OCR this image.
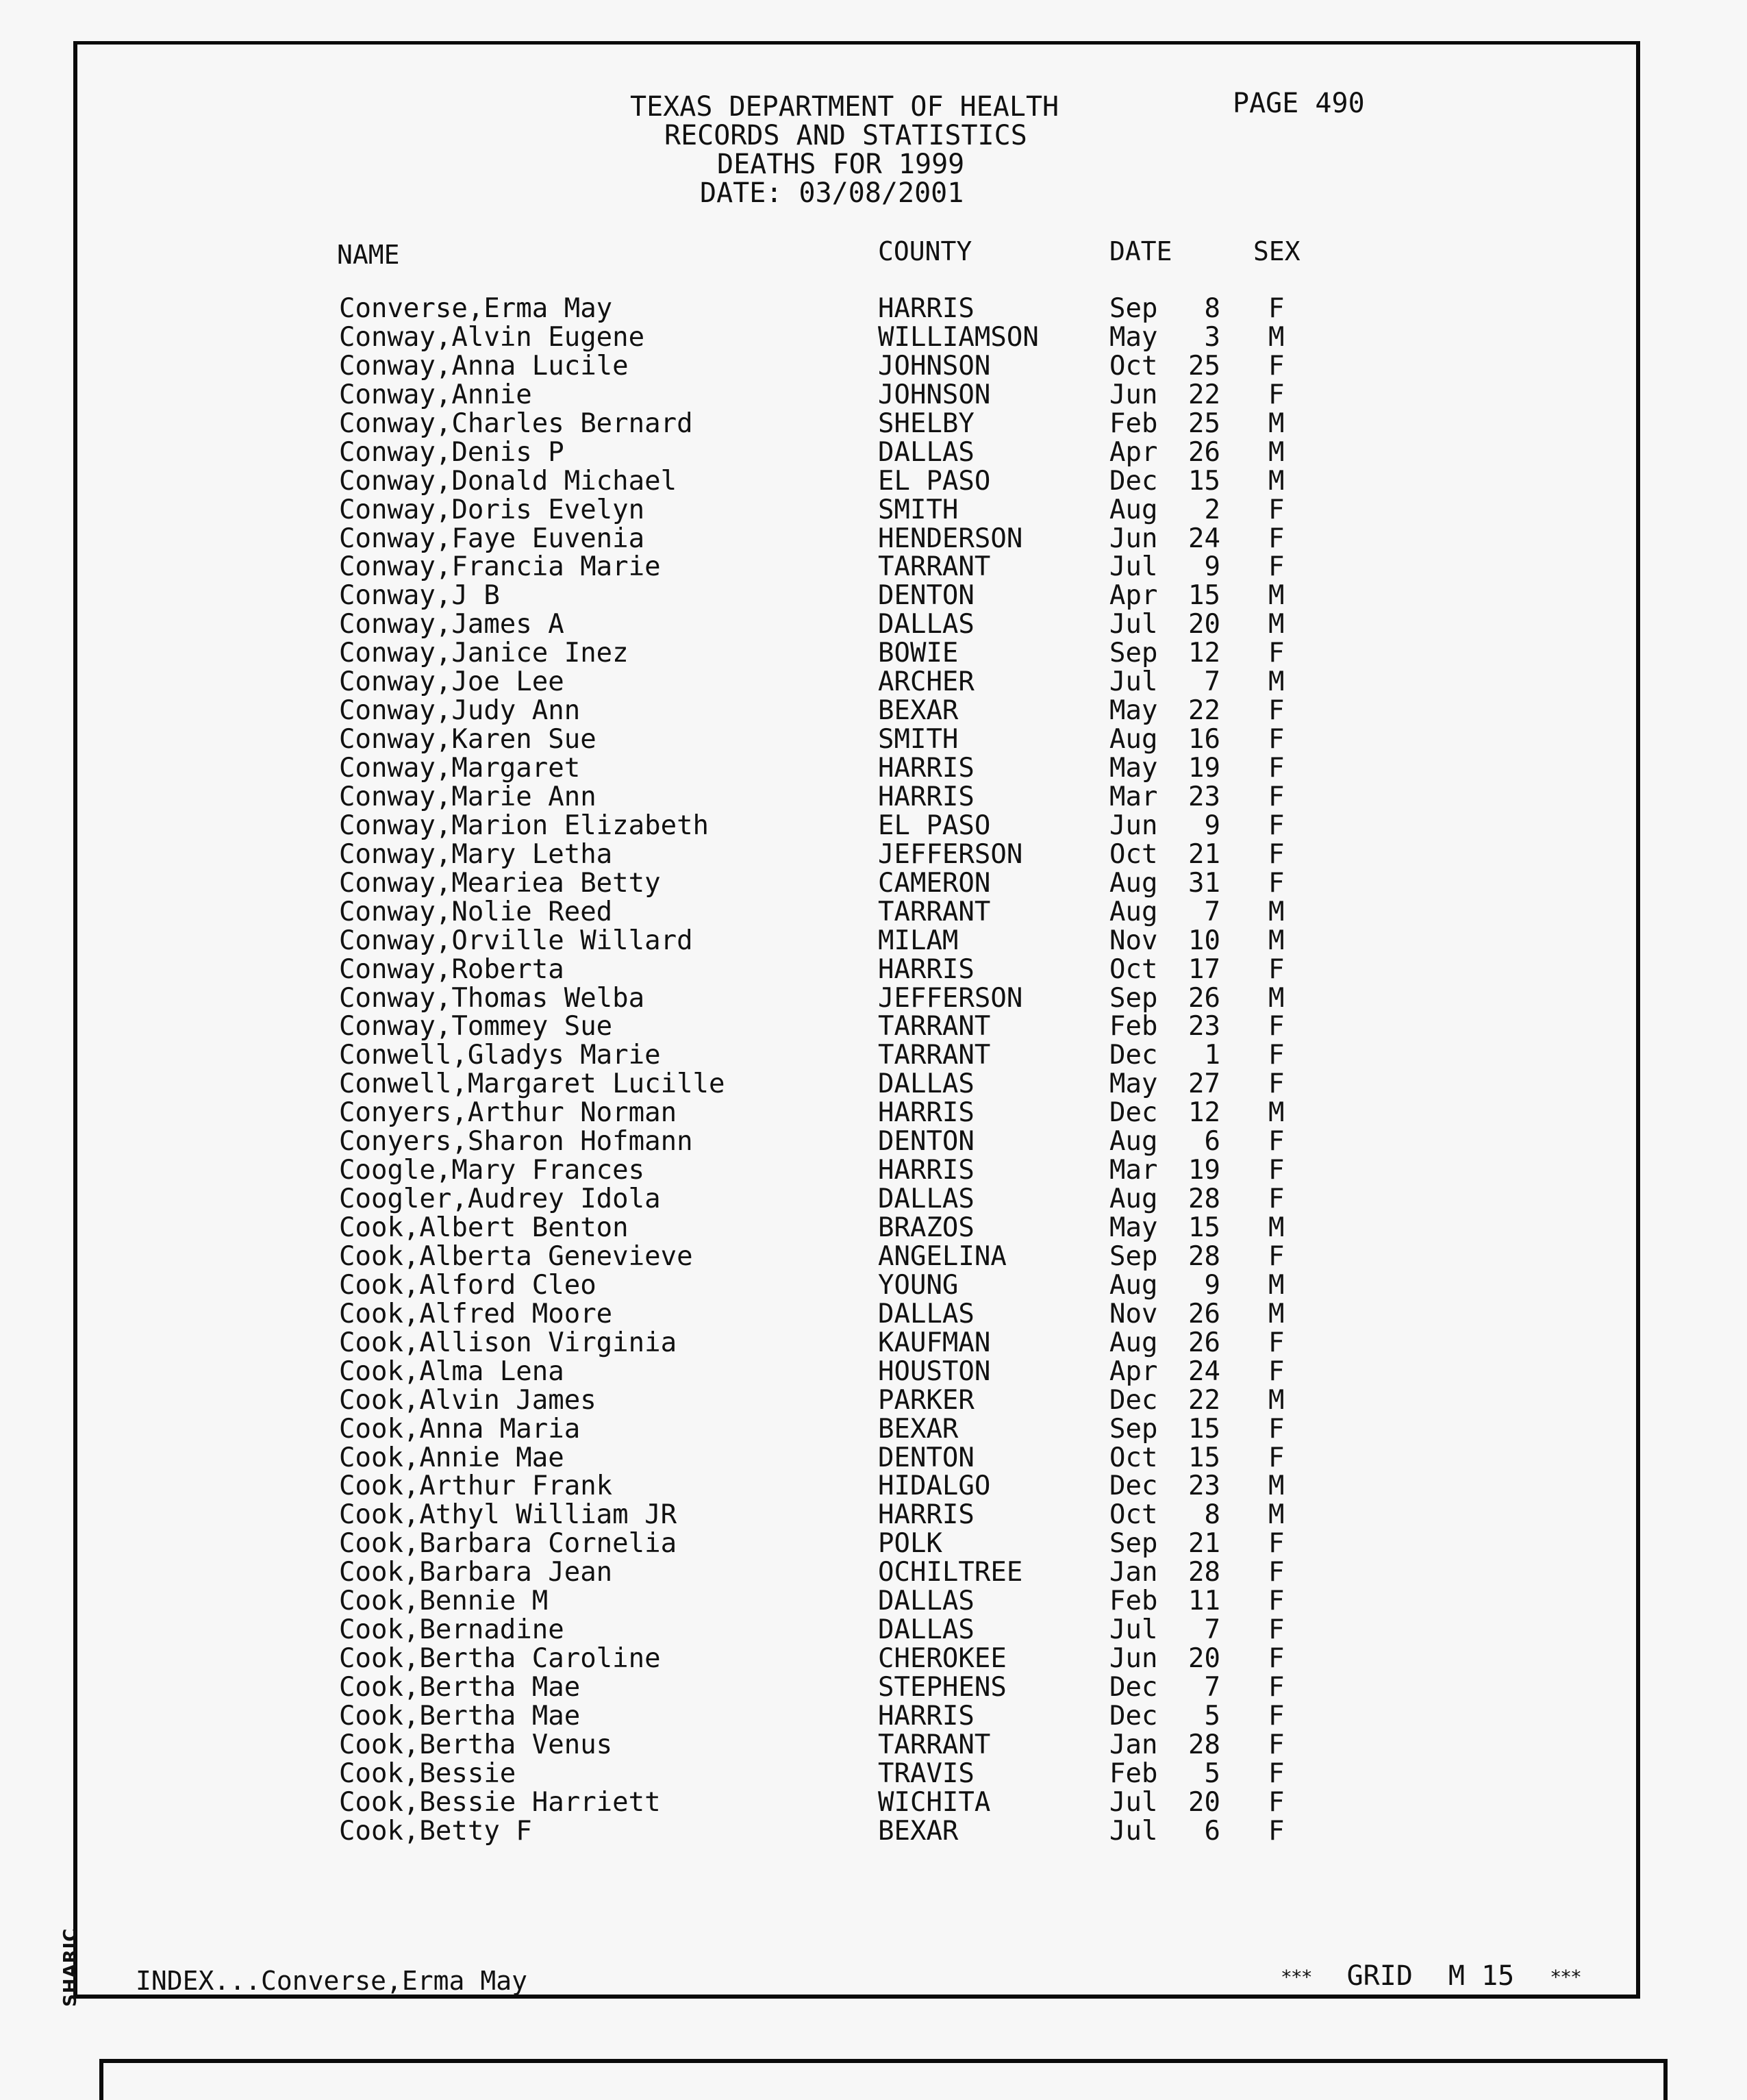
SHARIC
TEXAS DEPARTMENT OF HEALTH	PAGE 490
RECORDS AND STATISTICS
DEATHS FOR 1999
DATE: 03/08/2001
NAME	COUNTY	DATE	SEX
Converse,Erma May	HARRIS	Sep	8 F
Conway,Alvin Eugene	WILLIAMSON	May	3 M
Conway,Anna Lucile	JOHNSON	Oct	25 F
Conway,Annie	JOHNSON	Jun	22 F
Conway,Charles Bernard	SHELBY	Feb	25 M
Conway,Denis P	DALLAS	Apr	26 M
Conway,Donald Michael	EL PASO	Dec	15 M
Conway,Doris Evelyn	SMITH	Aug	2 F
Conway,Faye Euvenia	HENDERSON	Jun	24 F
Conway,Francia Marie	TARRANT	Jul	9 F
Conway,J B	DENTON	Apr	15 M
Conway,James A	DALLAS	Jul	20 M
Conway,Janice Inez	BOWIE	Sep	12 F
Conway,Joe Lee	ARCHER	Jul	7 M
Conway,Judy Ann	BEXAR	May	22 F
Conway,Karen Sue	SMITH	Aug	16 F
Conway,Margaret	HARRIS	May	19 F
Conway,Marie Ann	HARRIS	Mar	23 F
Conway,Marion Elizabeth	EL PASO	Jun	9 F
Conway,Mary Letha	JEFFERSON	Oct	21 F
Conway,Meariea Betty	CAMERON	Aug	31 F
Conway,Nolie Reed	TARRANT	Aug	7 M
Conway,Orville Willard	MILAM	Nov	10 M
Conway,Roberta	HARRIS	Oct	17 F
Conway,Thomas Welba	JEFFERSON	Sep	26 M
Conway,Tommey Sue	TARRANT	Feb	23 F
Conwell,Gladys Marie	TARRANT	Dec	1 F
Conwell,Margaret Lucille	DALLAS	May	27 F
Conyers,Arthur Norman	HARRIS	Dec	12 M
Conyers,Sharon Hofmann	DENTON	Aug	6 F
Coogle,Mary Frances	HARRIS	Mar	19 F
Coogler,Audrey Idola	DALLAS	Aug	28 F
Cook,Albert Benton	BRAZOS	May	15 M
Cook,Alberta Genevieve	ANGELINA	Sep	28 F
Cook,Alford Cleo	YOUNG	Aug	9 M
Cook,Alfred Moore	DALLAS	Nov	26 M
Cook,Allison Virginia	KAUFMAN	Aug	26 F
Cook,Alma Lena	HOUSTON	Apr	24 F
Cook,Alvin James	PARKER	Dec	22 M
Cook,Anna Maria	BEXAR	Sep	15 F
Cook,Annie Mae	DENTON	Oct	15 F
Cook,Arthur Frank	HIDALGO	Dec	23 M
Cook,Athyl William JR	HARRIS	Oct	8 M
Cook,Barbara Cornelia	POLK	Sep	21 F
Cook,Barbara Jean	OCHILTREE	Jan	28 F
Cook,Bennie M	DALLAS	Feb	11 F
Cook,Bernadine	DALLAS	Jul	7 F
Cook,Bertha Caroline	CHEROKEE	Jun	20 F
Cook,Bertha Mae	STEPHENS	Dec	7 F
Cook,Bertha Mae	HARRIS	Dec	5 F
Cook,Bertha Venus	TARRANT	Jan	28 F
Cook,Bessie	TRAVIS	Feb	5 F
Cook,Bessie Harriett	WICHITA	Jul	20 F
Cook,Betty F	BEXAR	Jul	6 F
INDEX...Converse,Erma May	*** GRID M 15 ***
